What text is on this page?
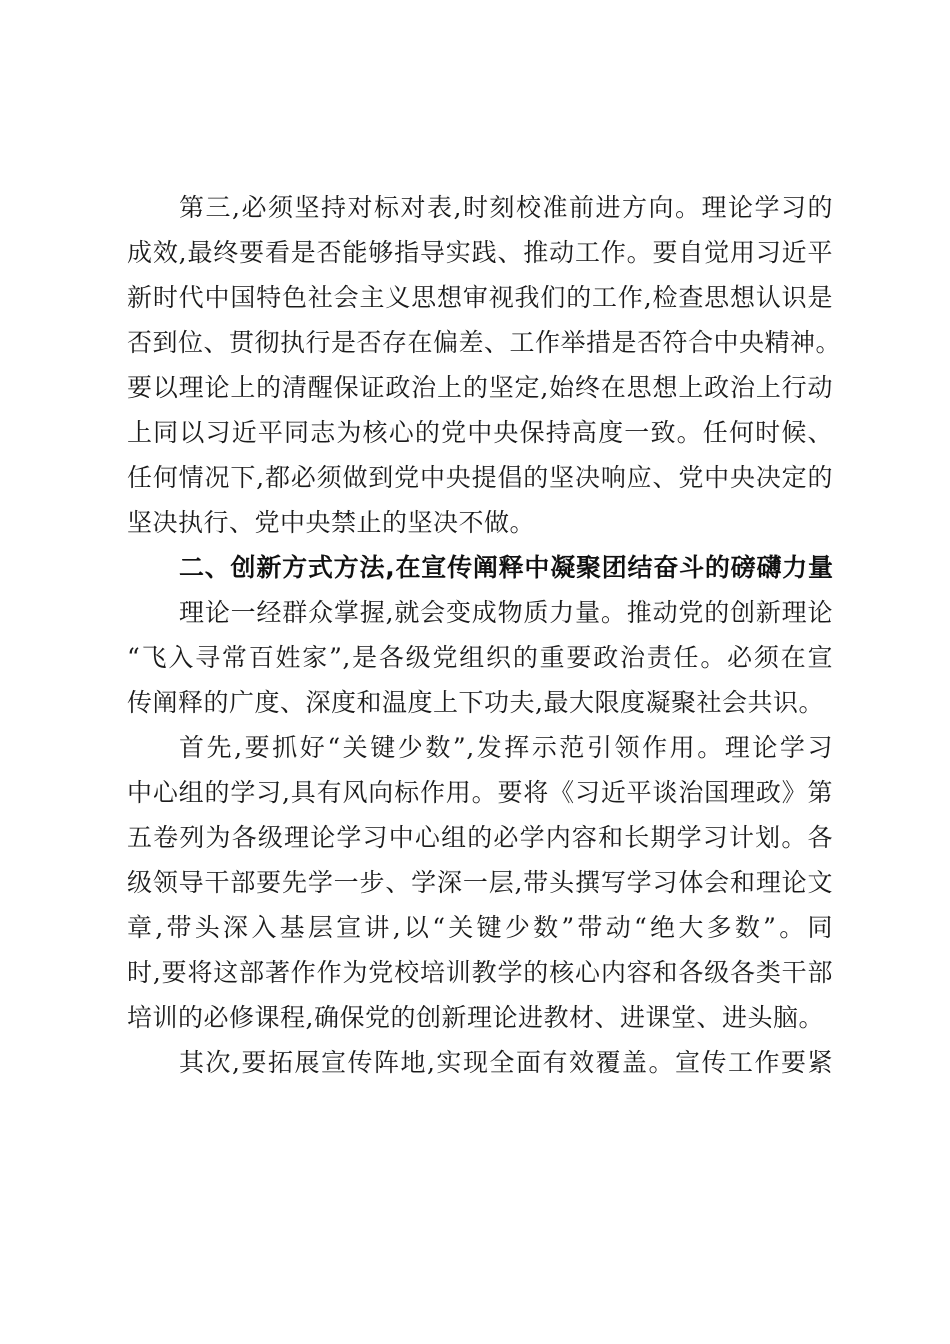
第三,必须坚持对标对表,时刻校准前进方向。理论学习的
成效,最终要看是否能够指导实践、推动工作。要自觉用习近平
新时代中国特色社会主义思想审视我们的工作,检查思想认识是
否到位、贯彻执行是否存在偏差、工作举措是否符合中央精神。
要以理论上的清醒保证政治上的坚定,始终在思想上政治上行动
上同以习近平同志为核心的党中央保持高度一致。任何时候、
任何情况下,都必须做到党中央提倡的坚决响应、党中央决定的
坚决执行、党中央禁止的坚决不做。
二、创新方式方法,在宣传阐释中凝聚团结奋斗的磅礴力量
理论一经群众掌握,就会变成物质力量。推动党的创新理论
“飞入寻常百姓家”,是各级党组织的重要政治责任。必须在宣
传阐释的广度、深度和温度上下功夫,最大限度凝聚社会共识。
首先,要抓好“关键少数”,发挥示范引领作用。理论学习
中心组的学习,具有风向标作用。要将《习近平谈治国理政》第
五卷列为各级理论学习中心组的必学内容和长期学习计划。各
级领导干部要先学一步、学深一层,带头撰写学习体会和理论文
章,带头深入基层宣讲,以“关键少数”带动“绝大多数”。同
时,要将这部著作作为党校培训教学的核心内容和各级各类干部
培训的必修课程,确保党的创新理论进教材、进课堂、进头脑。
其次,要拓展宣传阵地,实现全面有效覆盖。宣传工作要紧
